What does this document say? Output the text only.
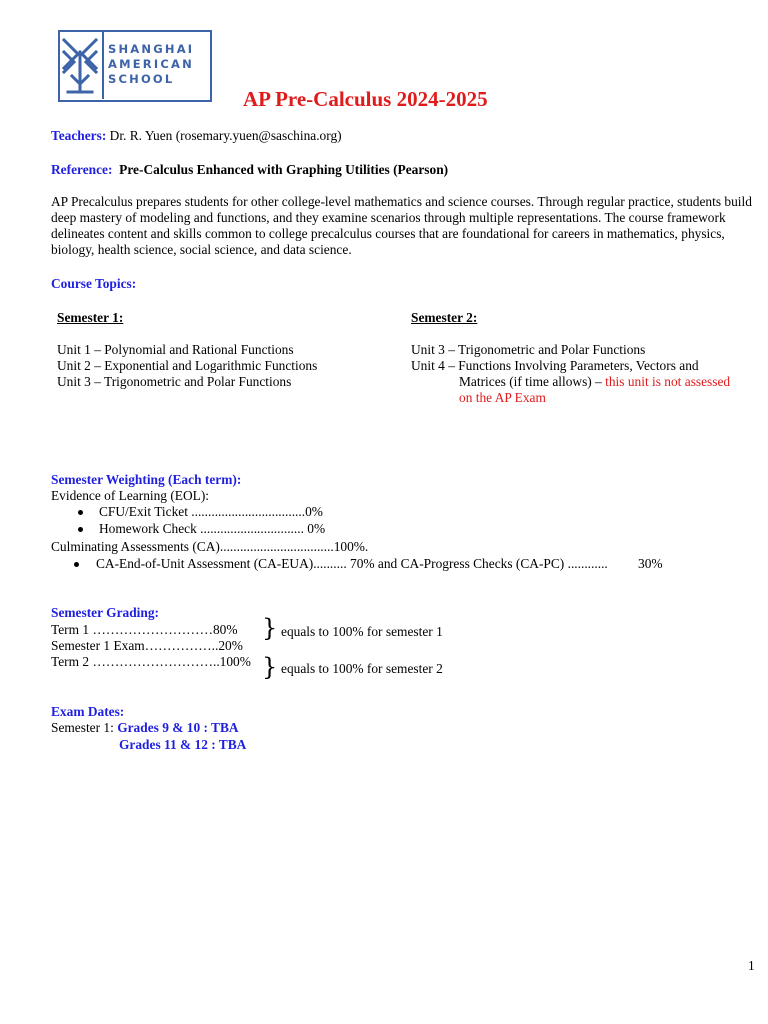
SHANGHAI
AMERICAN
SCHOOL
AP Pre-Calculus 2024-2025
Teachers: Dr. R. Yuen (rosemary.yuen@saschina.org)
Reference: Pre-Calculus Enhanced with Graphing Utilities (Pearson)
AP Precalculus prepares students for other college-level mathematics and science courses. Through regular practice, students build deep mastery of modeling and functions, and they examine scenarios through multiple representations. The course framework delineates content and skills common to college precalculus courses that are foundational for careers in mathematics, physics, biology, health science, social science, and data science.
Course Topics:
Semester 1:
Unit 1 – Polynomial and Rational Functions
Unit 2 – Exponential and Logarithmic Functions
Unit 3 – Trigonometric and Polar Functions
Semester 2:
Unit 3 – Trigonometric and Polar Functions
Unit 4 – Functions Involving Parameters, Vectors and
Matrices (if time allows) – this unit is not assessed
on the AP Exam
Semester Weighting (Each term):
Evidence of Learning (EOL):
CFU/Exit Ticket ..................................0%
Homework Check ............................... 0%
Culminating Assessments (CA)..................................100%.
CA-End-of-Unit Assessment (CA-EUA).......... 70% and CA-Progress Checks (CA-PC) ............ 30%
Semester Grading:
Term 1 ………………………80%
Semester 1 Exam……………..20%
Term 2 ………………………..100%
} equals to 100% for semester 1
} equals to 100% for semester 2
Exam Dates:
Semester 1: Grades 9 & 10 : TBA
Grades 11 & 12 : TBA
1
